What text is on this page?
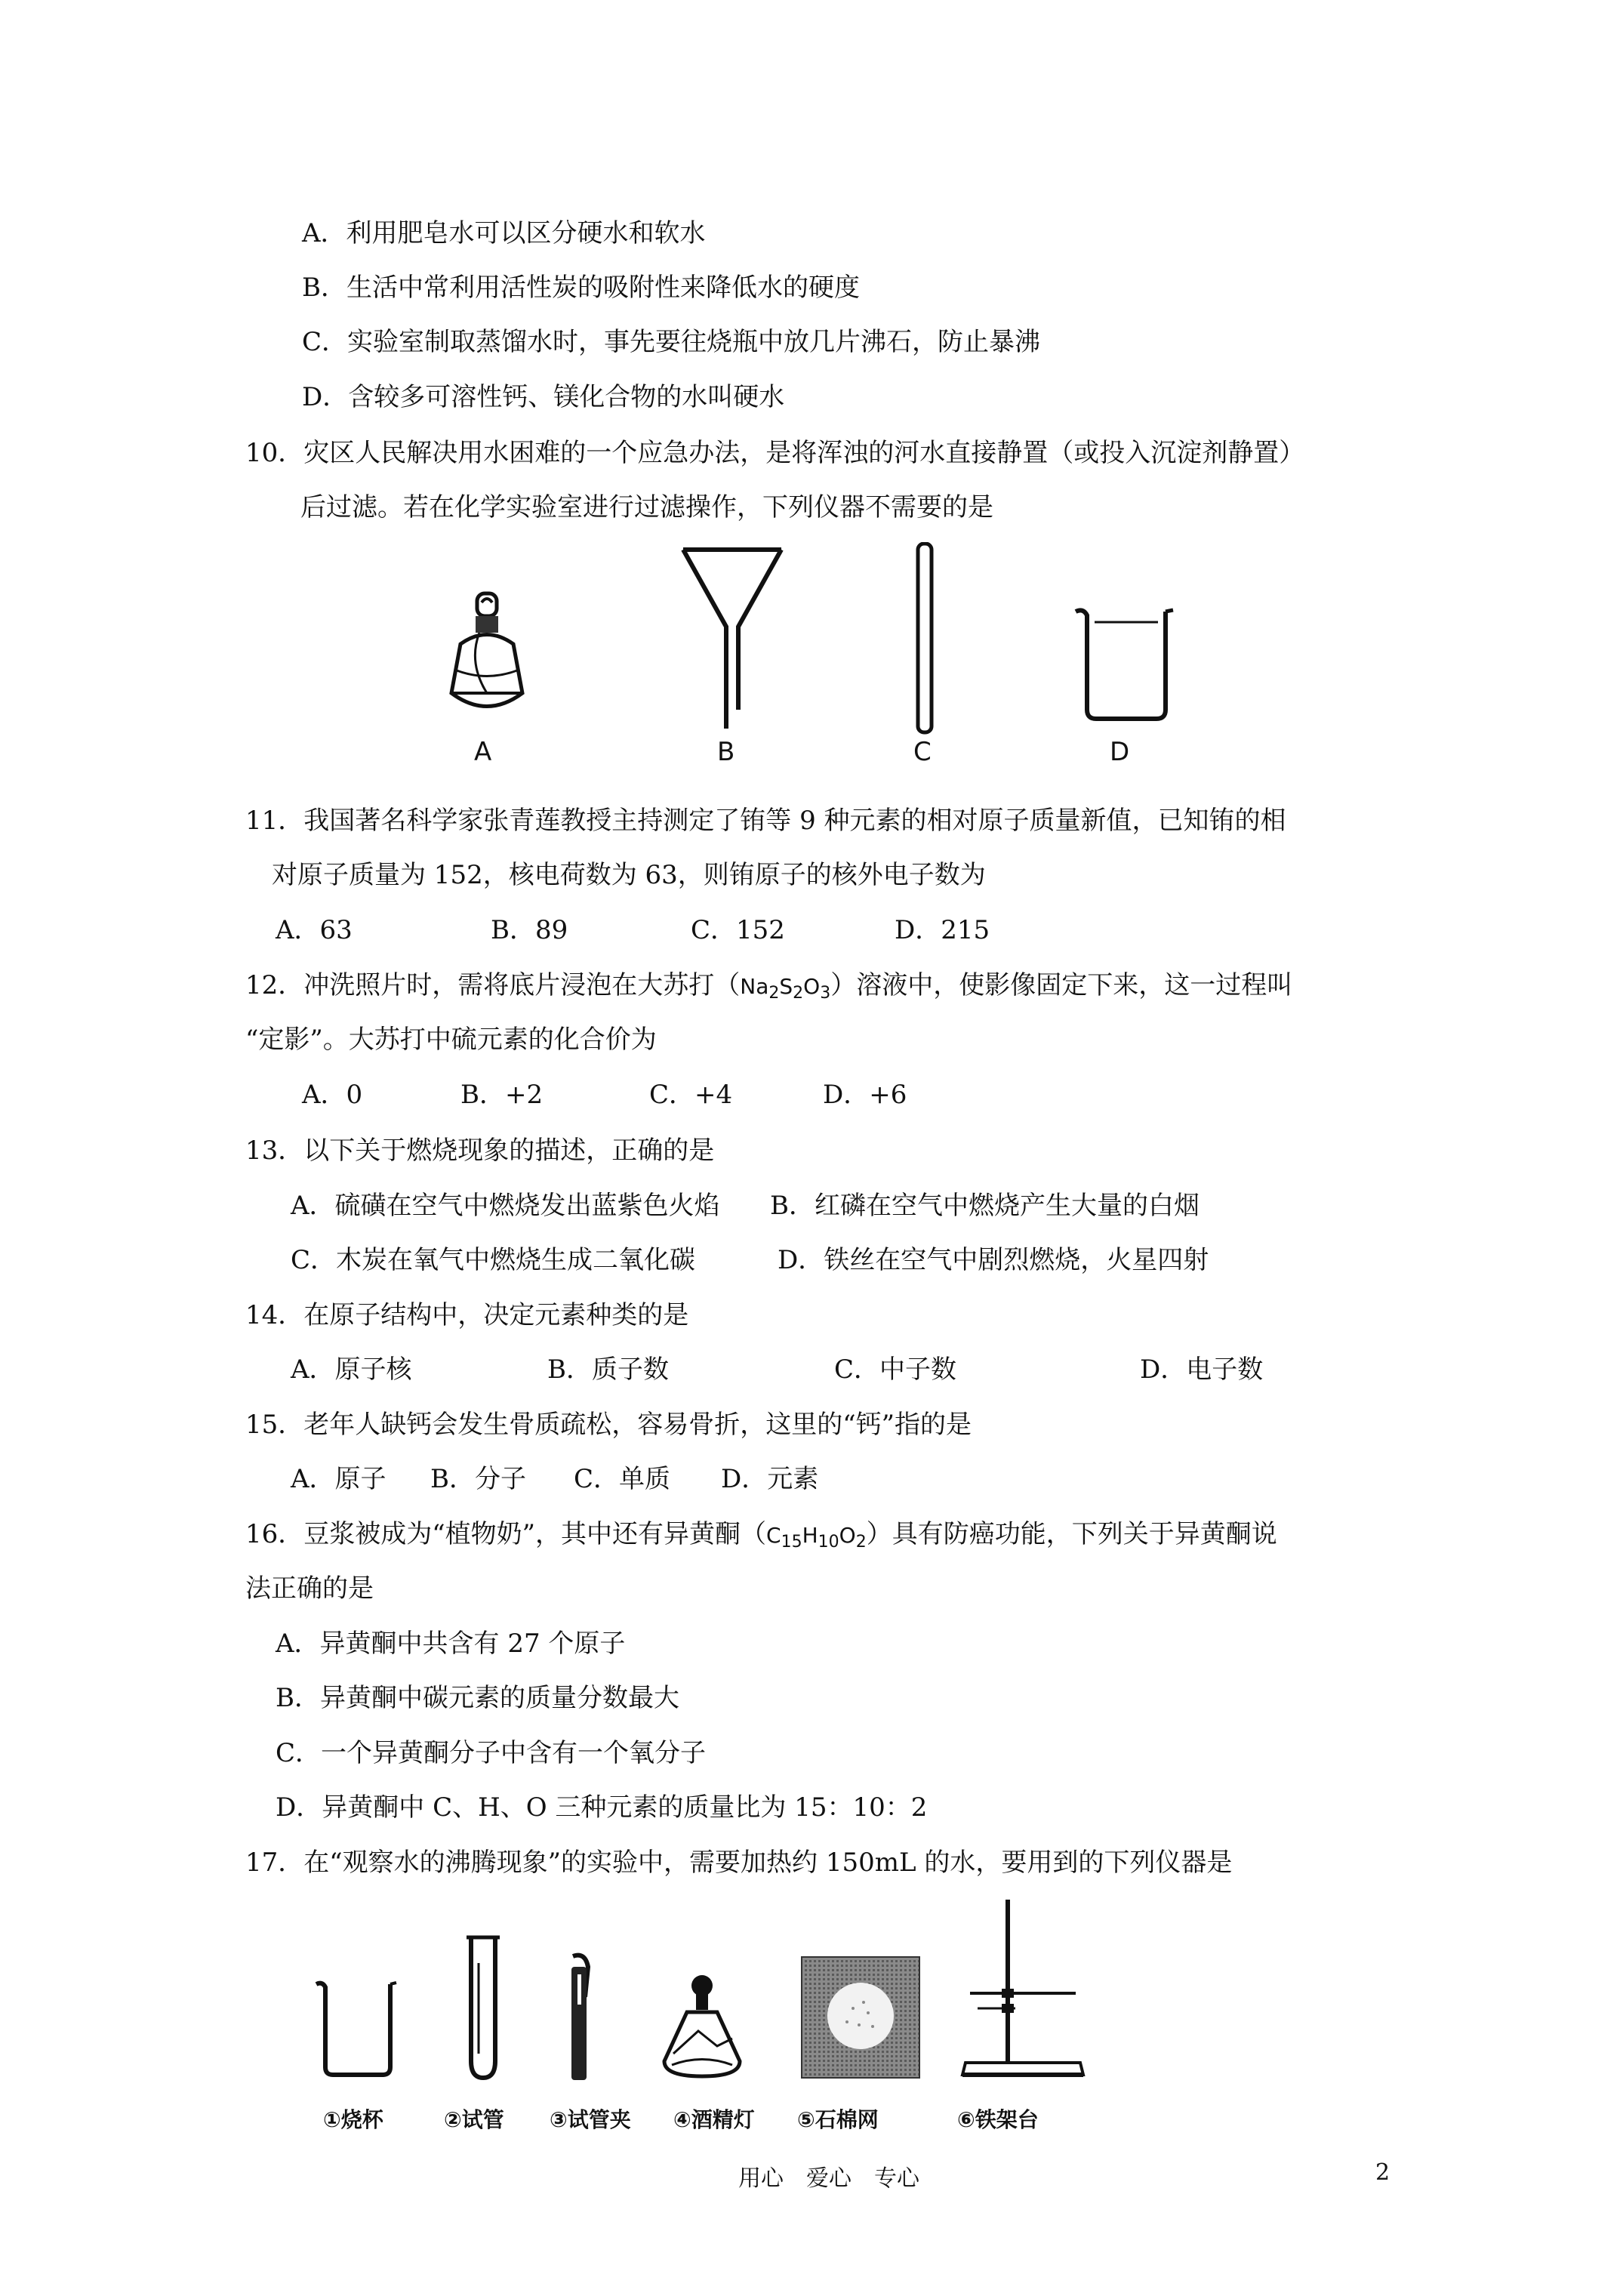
A．利用肥皂水可以区分硬水和软水
B．生活中常利用活性炭的吸附性来降低水的硬度
C．实验室制取蒸馏水时，事先要往烧瓶中放几片沸石，防止暴沸
D．含较多可溶性钙、镁化合物的水叫硬水
10．灾区人民解决用水困难的一个应急办法，是将浑浊的河水直接静置（或投入沉淀剂静置）
后过滤。若在化学实验室进行过滤操作，下列仪器不需要的是
A	B	C	D
11．我国著名科学家张青莲教授主持测定了铕等 9 种元素的相对原子质量新值，已知铕的相
对原子质量为 152，核电荷数为 63，则铕原子的核外电子数为
A．63	B．89	C．152	D．215
12．冲洗照片时，需将底片浸泡在大苏打$(Na_2S_2O_3)$溶液中，使影像固定下来，这一过程叫
“定影”。大苏打中硫元素的化合价为
A．0	B．+2	C．+4	D．+6
13．以下关于燃烧现象的描述，正确的是
A．硫磺在空气中燃烧发出蓝紫色火焰 B．红磷在空气中燃烧产生大量的白烟
C．木炭在氧气中燃烧生成二氧化碳	D．铁丝在空气中剧烈燃烧，火星四射
14．在原子结构中，决定元素种类的是
A．原子核	B．质子数	C．中子数	D．电子数
15．老年人缺钙会发生骨质疏松，容易骨折，这里的“钙”指的是
A．原子 B．分子 C．单质 D．元素
16．豆浆被成为“植物奶”，其中还有异黄酮$(C_{15}H_{10}O_2)$具有防癌功能，下列关于异黄酮说
法正确的是
A．异黄酮中共含有 27 个原子
B．异黄酮中碳元素的质量分数最大
C．一个异黄酮分子中含有一个氧分子
D．异黄酮中 C、H、O 三种元素的质量比为 15：10：2
17．在“观察水的沸腾现象”的实验中，需要加热约 150mL 的水，要用到的下列仪器是
①烧杯	②试管 ③试管夹 ④酒精灯 ⑤石棉网	⑥铁架台
用心　爱心　专心	2
